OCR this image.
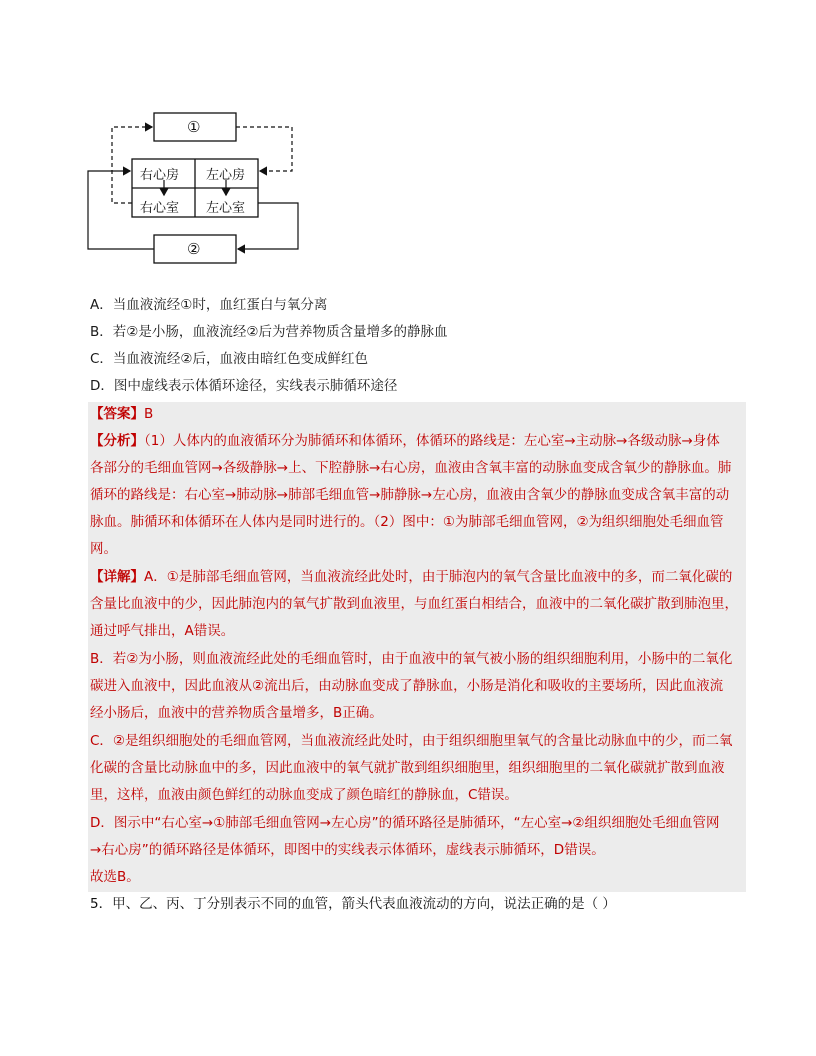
①
②
右心房 左心房
右心室 左心室
A．当血液流经①时，血红蛋白与氧分离
B．若②是小肠，血液流经②后为营养物质含量增多的静脉血
C．当血液流经②后，血液由暗红色变成鲜红色
D．图中虚线表示体循环途径，实线表示肺循环途径
【答案】B
【分析】（1）人体内的血液循环分为肺循环和体循环，体循环的路线是：左心室→主动脉→各级动脉→身体
各部分的毛细血管网→各级静脉→上、下腔静脉→右心房，血液由含氧丰富的动脉血变成含氧少的静脉血。肺
循环的路线是：右心室→肺动脉→肺部毛细血管→肺静脉→左心房，血液由含氧少的静脉血变成含氧丰富的动
脉血。肺循环和体循环在人体内是同时进行的。（2）图中：①为肺部毛细血管网，②为组织细胞处毛细血管
网。
【详解】A．①是肺部毛细血管网，当血液流经此处时，由于肺泡内的氧气含量比血液中的多，而二氧化碳的
含量比血液中的少，因此肺泡内的氧气扩散到血液里，与血红蛋白相结合，血液中的二氧化碳扩散到肺泡里，
通过呼气排出，A错误。
B．若②为小肠，则血液流经此处的毛细血管时，由于血液中的氧气被小肠的组织细胞利用，小肠中的二氧化
碳进入血液中，因此血液从②流出后，由动脉血变成了静脉血，小肠是消化和吸收的主要场所，因此血液流
经小肠后，血液中的营养物质含量增多，B正确。
C．②是组织细胞处的毛细血管网，当血液流经此处时，由于组织细胞里氧气的含量比动脉血中的少，而二氧
化碳的含量比动脉血中的多，因此血液中的氧气就扩散到组织细胞里，组织细胞里的二氧化碳就扩散到血液
里，这样，血液由颜色鲜红的动脉血变成了颜色暗红的静脉血，C错误。
D．图示中“右心室→①肺部毛细血管网→左心房”的循环路径是肺循环，“左心室→②组织细胞处毛细血管网
→右心房”的循环路径是体循环，即图中的实线表示体循环，虚线表示肺循环，D错误。
故选B。
5．甲、乙、丙、丁分别表示不同的血管，箭头代表血液流动的方向，说法正确的是（ ）
